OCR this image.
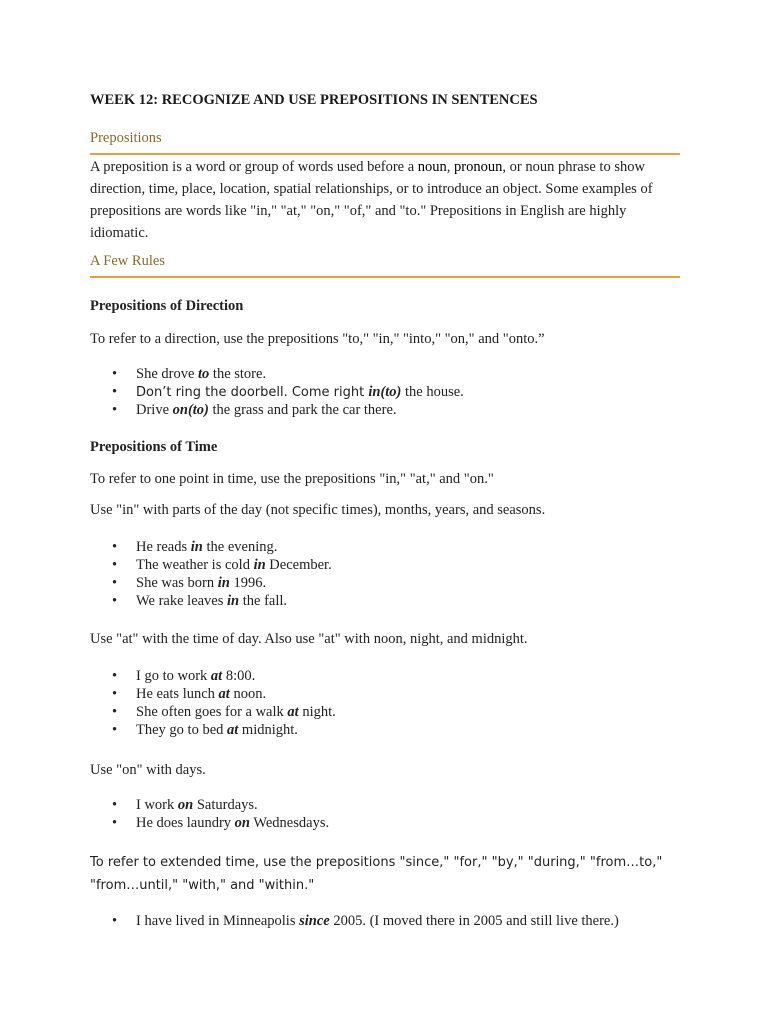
WEEK 12: RECOGNIZE AND USE PREPOSITIONS IN SENTENCES
Prepositions
A preposition is a word or group of words used before a noun, pronoun, or noun phrase to show direction, time, place, location, spatial relationships, or to introduce an object. Some examples of prepositions are words like "in," "at," "on," "of," and "to." Prepositions in English are highly idiomatic.
A Few Rules
Prepositions of Direction
To refer to a direction, use the prepositions "to," "in," "into," "on," and "onto.”
• She drove to the store.
• Don’t ring the doorbell. Come right in(to) the house.
• Drive on(to) the grass and park the car there.
Prepositions of Time
To refer to one point in time, use the prepositions "in," "at," and "on."
Use "in" with parts of the day (not specific times), months, years, and seasons.
• He reads in the evening.
• The weather is cold in December.
• She was born in 1996.
• We rake leaves in the fall.
Use "at" with the time of day. Also use "at" with noon, night, and midnight.
• I go to work at 8:00.
• He eats lunch at noon.
• She often goes for a walk at night.
• They go to bed at midnight.
Use "on" with days.
• I work on Saturdays.
• He does laundry on Wednesdays.
To refer to extended time, use the prepositions "since," "for," "by," "during," "from…to,"
"from…until," "with," and "within."
• I have lived in Minneapolis since 2005. (I moved there in 2005 and still live there.)
